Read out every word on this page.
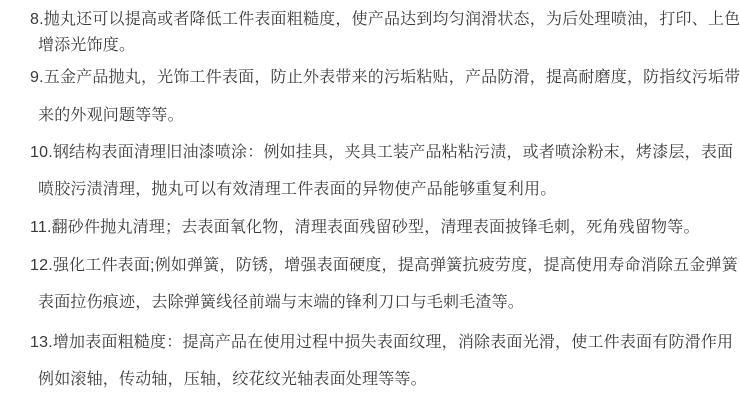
8.抛丸还可以提高或者降低工件表面粗糙度，使产品达到均匀润滑状态，为后处理喷油，打印、上色
增添光饰度。
9.五金产品抛丸，光饰工件表面，防止外表带来的污垢粘贴，产品防滑，提高耐磨度，防指纹污垢带
来的外观问题等等。
10.钢结构表面清理旧油漆喷涂：例如挂具，夹具工装产品粘粘污渍，或者喷涂粉末，烤漆层，表面
喷胶污渍清理，抛丸可以有效清理工件表面的异物使产品能够重复利用。
11.翻砂件抛丸清理；去表面氧化物，清理表面残留砂型，清理表面披锋毛刺，死角残留物等。
12.强化工件表面;例如弹簧，防锈，增强表面硬度，提高弹簧抗疲劳度，提高使用寿命消除五金弹簧
表面拉伤痕迹，去除弹簧线径前端与末端的锋利刀口与毛刺毛渣等。
13.增加表面粗糙度：提高产品在使用过程中损失表面纹理，消除表面光滑，使工件表面有防滑作用
例如滚轴，传动轴，压轴，绞花纹光轴表面处理等等。
